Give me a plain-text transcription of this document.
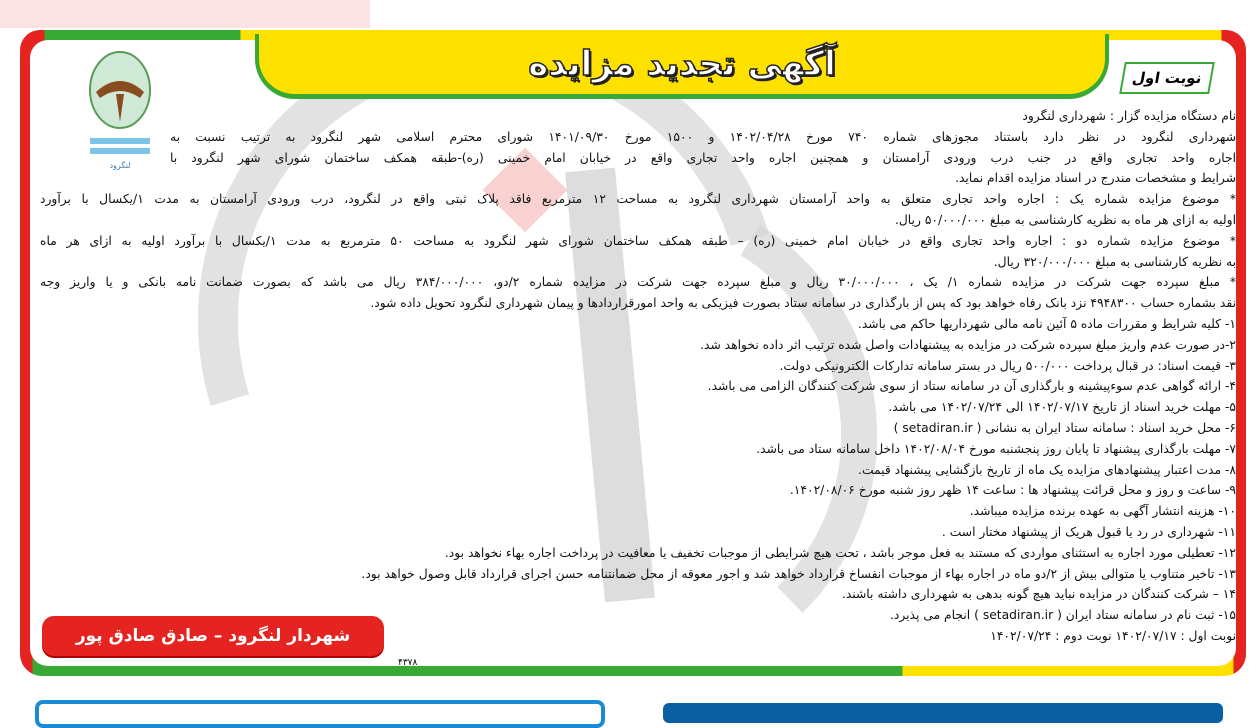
آگهی تجدید مزایده	نوبت اول
لنگرود
نام دستگاه مزایده گزار : شهرداری لنگرود
شهرداری لنگرود در نظر دارد باستناد مجوزهای شماره ۷۴۰ مورخ ۱۴۰۲/۰۴/۲۸ و ۱۵۰۰ مورخ ۱۴۰۱/۰۹/۳۰ شورای محترم اسلامی شهر لنگرود به ترتیب نسبت به
اجاره واحد تجاری واقع در جنب درب ورودی آرامستان و همچنین اجاره واحد تجاری واقع در خیابان امام خمینی (ره)-طبقه همکف ساختمان شورای شهر لنگرود با
شرایط و مشخصات مندرج در اسناد مزایده اقدام نماید.
* موضوع مزایده شماره یک : اجاره واحد تجاری متعلق به واحد آرامستان شهرداری لنگرود به مساحت ۱۲ مترمربع فاقد پلاک ثبتی واقع در لنگرود، درب ورودی آرامستان به مدت ۱/یکسال با برآورد
اولیه به ازای هر ماه به نظریه کارشناسی به مبلغ ۵۰/۰۰۰/۰۰۰ ریال.
* موضوع مزایده شماره دو : اجاره واحد تجاری واقع در خیابان امام خمینی (ره) – طبقه همکف ساختمان شورای شهر لنگرود به مساحت ۵۰ مترمربع به مدت ۱/یکسال با برآورد اولیه به ازای هر ماه
به نظریه کارشناسی به مبلغ ۳۲۰/۰۰۰/۰۰۰ ریال.
* مبلغ سپرده جهت شرکت در مزایده شماره ۱/ یک ، ۳۰/۰۰۰/۰۰۰ ریال و مبلغ سپرده جهت شرکت در مزایده شماره ۲/دو، ۳۸۴/۰۰۰/۰۰۰ ریال می باشد که بصورت ضمانت نامه بانکی و یا واریز وجه
نقد بشماره حساب ۴۹۴۸۳۰۰ نزد بانک رفاه خواهد بود که پس از بارگذاری در سامانه ستاد بصورت فیزیکی به واحد امورقراردادها و پیمان شهرداری لنگرود تحویل داده شود.
۱- کلیه شرایط و مقررات ماده ۵ آئین نامه مالی شهرداریها حاکم می باشد.
۲-در صورت عدم واریز مبلغ سپرده شرکت در مزایده به پیشنهادات واصل شده ترتیب اثر داده نخواهد شد.
۳- قیمت اسناد: در قبال پرداخت ۵۰۰/۰۰۰ ریال در بستر سامانه تدارکات الکترونیکی دولت.
۴- ارائه گواهی عدم سوءپیشینه و بارگذاری آن در سامانه ستاد از سوی شرکت کنندگان الزامی می باشد.
۵- مهلت خرید اسناد از تاریخ ۱۴۰۲/۰۷/۱۷ الی ۱۴۰۲/۰۷/۲۴ می باشد.
۶- محل خرید اسناد : سامانه ستاد ایران به نشانی ( setadiran.ir )
۷- مهلت بارگذاری پیشنهاد تا پایان روز پنجشنبه مورخ ۱۴۰۲/۰۸/۰۴ داخل سامانه ستاد می باشد.
۸- مدت اعتبار پیشنهادهای مزایده یک ماه از تاریخ بازگشایی پیشنهاد قیمت.
۹- ساعت و روز و محل قرائت پیشنهاد ها : ساعت ۱۴ ظهر روز شنبه مورخ ۱۴۰۲/۰۸/۰۶.
۱۰- هزینه انتشار آگهی به عهده برنده مزایده میباشد.
۱۱- شهرداری در رد یا قبول هریک از پیشنهاد مختار است .
۱۲- تعطیلی مورد اجاره به استثنای مواردی که مستند به فعل موجر باشد ، تحت هیچ شرایطی از موجبات تخفیف یا معافیت در پرداخت اجاره بهاء نخواهد بود.
۱۳- تاخیر متناوب یا متوالی بیش از ۲/دو ماه در اجاره بهاء از موجبات انفساخ قرارداد خواهد شد و اجور معوقه از محل ضمانتنامه حسن اجرای قرارداد قابل وصول خواهد بود.
۱۴ – شرکت کنندگان در مزایده نباید هیچ گونه بدهی به شهرداری داشته باشند.
۱۵- ثبت نام در سامانه ستاد ایران ( setadiran.ir ) انجام می پذیرد.
نوبت اول : ۱۴۰۲/۰۷/۱۷ نوبت دوم : ۱۴۰۲/۰۷/۲۴
شهردار لنگرود – صادق صادق پور
۴۳۷۸
